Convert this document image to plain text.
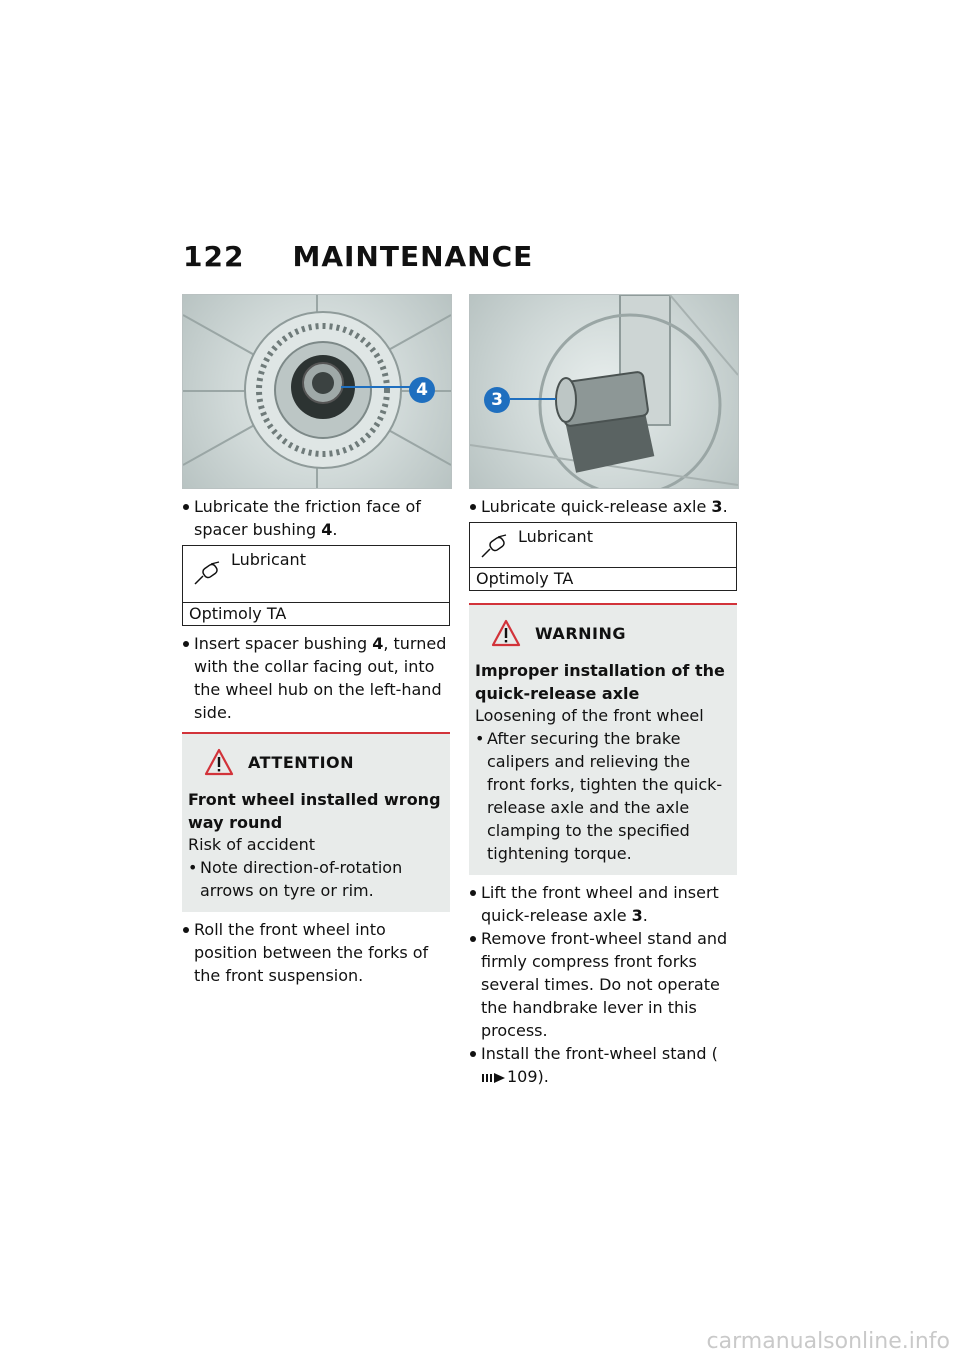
122 MAINTENANCE
4
Lubricate the friction face of spacer bushing 4.
Lubricant
Optimoly TA
Insert spacer bushing 4, turned with the collar facing out, into the wheel hub on the left-hand side.
ATTENTION
Front wheel installed wrong way round
Risk of accident
• Note direction-of-rotation arrows on tyre or rim.
Roll the front wheel into position between the forks of the front suspension.
3
Lubricate quick-release axle 3.
Lubricant
Optimoly TA
WARNING
Improper installation of the quick-release axle
Loosening of the front wheel
• After securing the brake calipers and relieving the front forks, tighten the quick-release axle and the axle clamping to the specified tightening torque.
Lift the front wheel and insert quick-release axle 3.
Remove front-wheel stand and firmly compress front forks several times. Do not operate the handbrake lever in this process.
Install the front-wheel stand (109).
carmanualsonline.info
